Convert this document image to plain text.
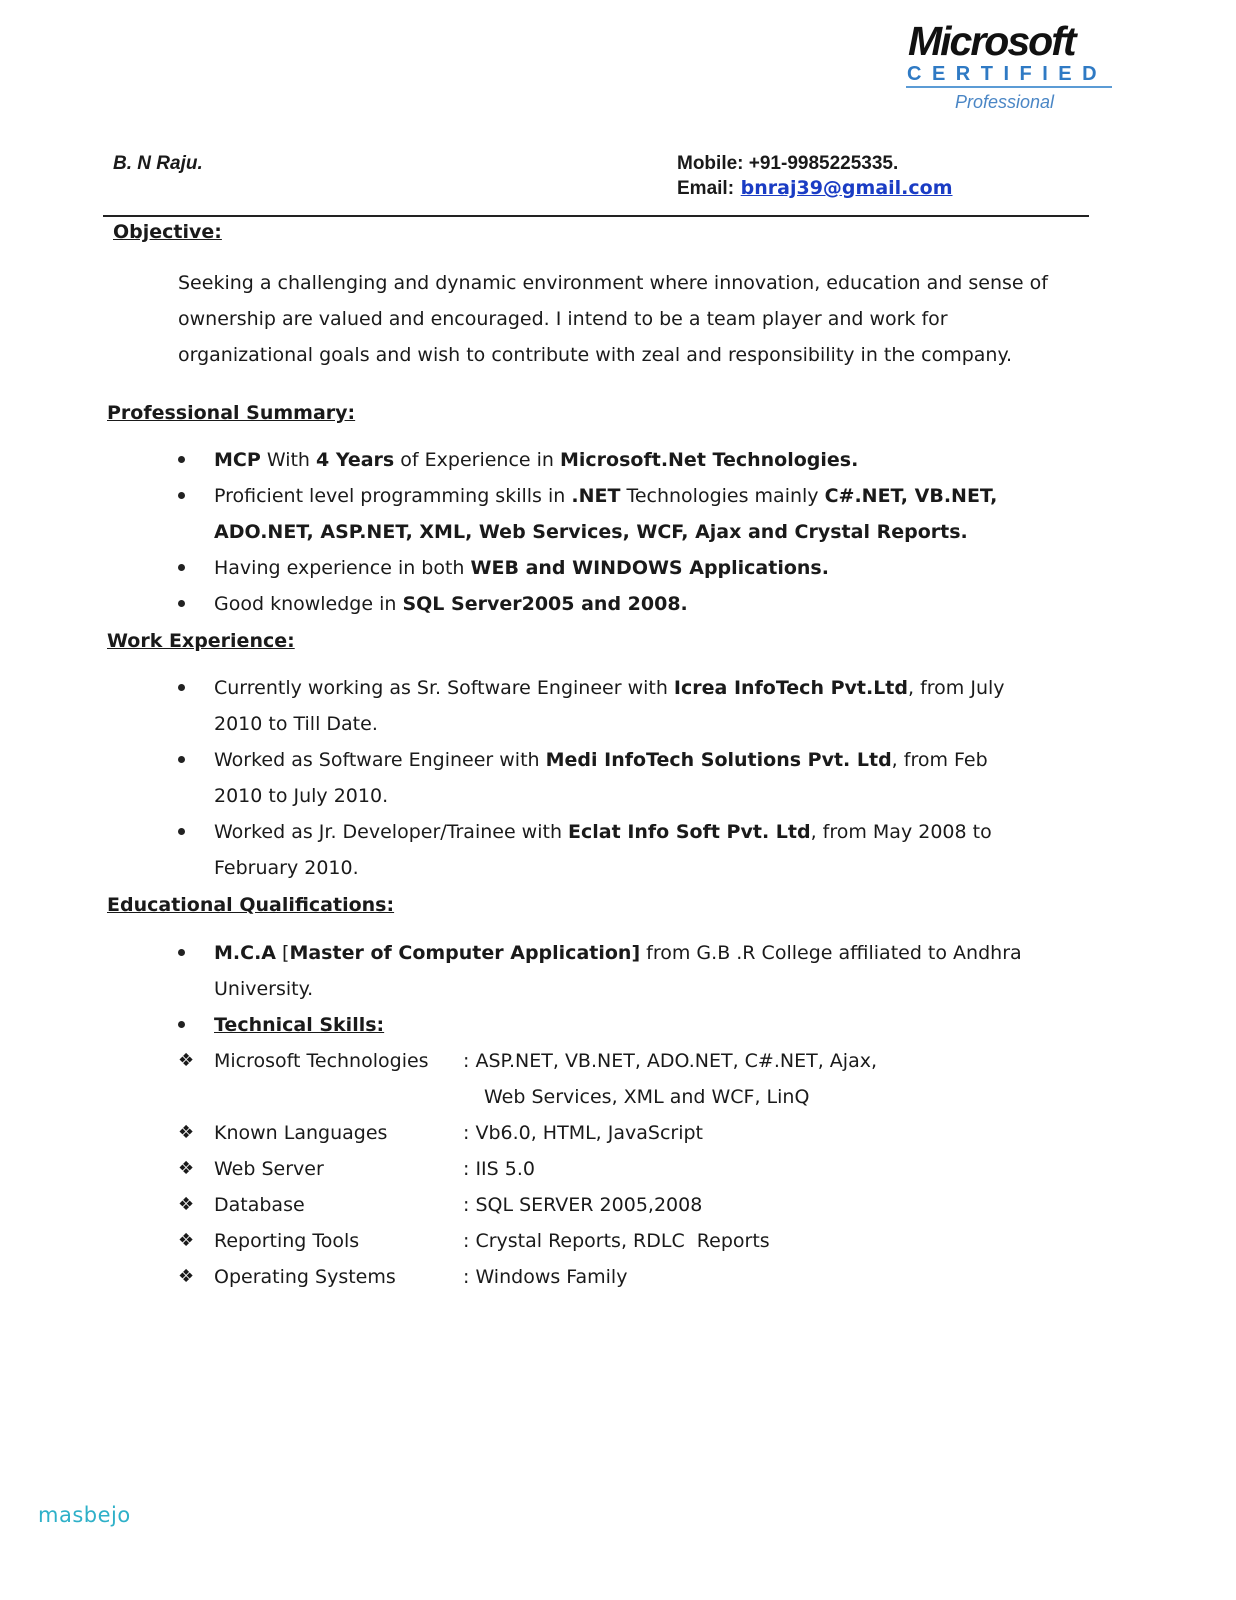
Microsoft
CERTIFIED
Professional
B. N Raju.	Mobile: +91-9985225335.
Email: bnraj39@gmail.com
Objective:

Seeking a challenging and dynamic environment where innovation, education and sense of

ownership are valued and encouraged. I intend to be a team player and work for

organizational goals and wish to contribute with zeal and responsibility in the company.

Professional Summary:
MCP With 4 Years of Experience in Microsoft.Net Technologies.
Proficient level programming skills in .NET Technologies mainly C#.NET, VB.NET,
ADO.NET, ASP.NET, XML, Web Services, WCF, Ajax and Crystal Reports.
Having experience in both WEB and WINDOWS Applications.
Good knowledge in SQL Server2005 and 2008.
Work Experience:
Currently working as Sr. Software Engineer with Icrea InfoTech Pvt.Ltd, from July
2010 to Till Date.
Worked as Software Engineer with Medi InfoTech Solutions Pvt. Ltd, from Feb
2010 to July 2010.
Worked as Jr. Developer/Trainee with Eclat Info Soft Pvt. Ltd, from May 2008 to
February 2010.
Educational Qualifications:
M.C.A [Master of Computer Application] from G.B .R College affiliated to Andhra
University.
Technical Skills:
❖ Microsoft Technologies : ASP.NET, VB.NET, ADO.NET, C#.NET, Ajax,
Web Services, XML and WCF, LinQ
❖ Known Languages	: Vb6.0, HTML, JavaScript
❖ Web Server	: IIS 5.0
❖ Database	: SQL SERVER 2005,2008
❖ Reporting Tools	: Crystal Reports, RDLC  Reports
❖ Operating Systems	: Windows Family
masbejo
